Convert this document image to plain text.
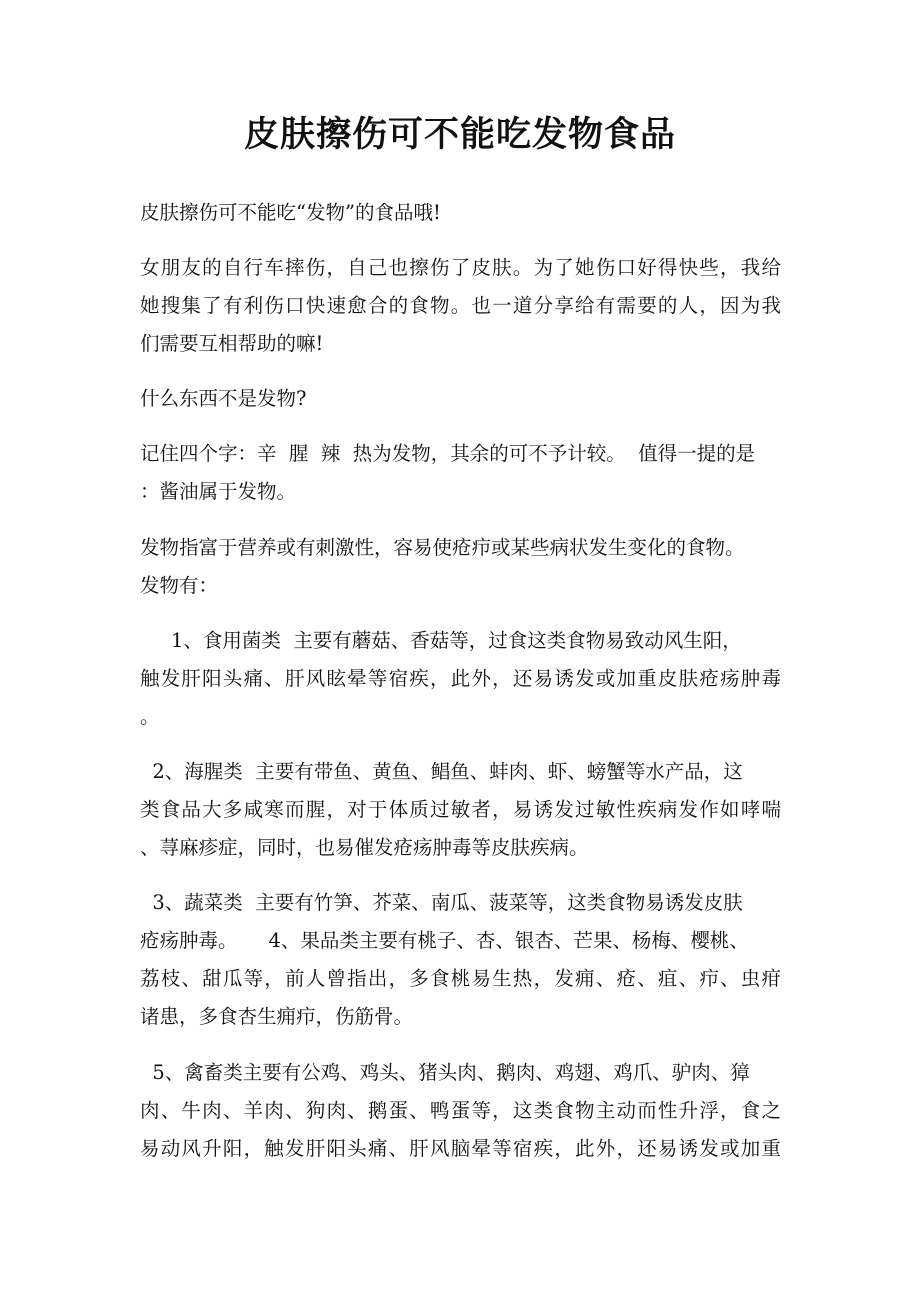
皮肤擦伤可不能吃发物食品

皮肤擦伤可不能吃“发物”的食品哦!

女朋友的自行车摔伤，自己也擦伤了皮肤。为了她伤口好得快些，我给

她搜集了有利伤口快速愈合的食物。也一道分享给有需要的人，因为我

们需要互相帮助的嘛!

什么东西不是发物?

记住四个字：辛  腥  辣  热为发物，其余的可不予计较。  值得一提的是

：酱油属于发物。

发物指富于营养或有刺激性，容易使疮疖或某些病状发生变化的食物。

发物有：

1、食用菌类  主要有蘑菇、香菇等，过食这类食物易致动风生阳，

触发肝阳头痛、肝风眩晕等宿疾，此外，还易诱发或加重皮肤疮疡肿毒

。

2、海腥类  主要有带鱼、黄鱼、鲳鱼、蚌肉、虾、螃蟹等水产品，这

类食品大多咸寒而腥，对于体质过敏者，易诱发过敏性疾病发作如哮喘

、荨麻疹症，同时，也易催发疮疡肿毒等皮肤疾病。

3、蔬菜类  主要有竹笋、芥菜、南瓜、菠菜等，这类食物易诱发皮肤

疮疡肿毒。     4、果品类主要有桃子、杏、银杏、芒果、杨梅、樱桃、

荔枝、甜瓜等，前人曾指出，多食桃易生热，发痈、疮、疽、疖、虫疳

诸患，多食杏生痈疖，伤筋骨。

5、禽畜类主要有公鸡、鸡头、猪头肉、鹅肉、鸡翅、鸡爪、驴肉、獐

肉、牛肉、羊肉、狗肉、鹅蛋、鸭蛋等，这类食物主动而性升浮，食之

易动风升阳，触发肝阳头痛、肝风脑晕等宿疾，此外，还易诱发或加重
